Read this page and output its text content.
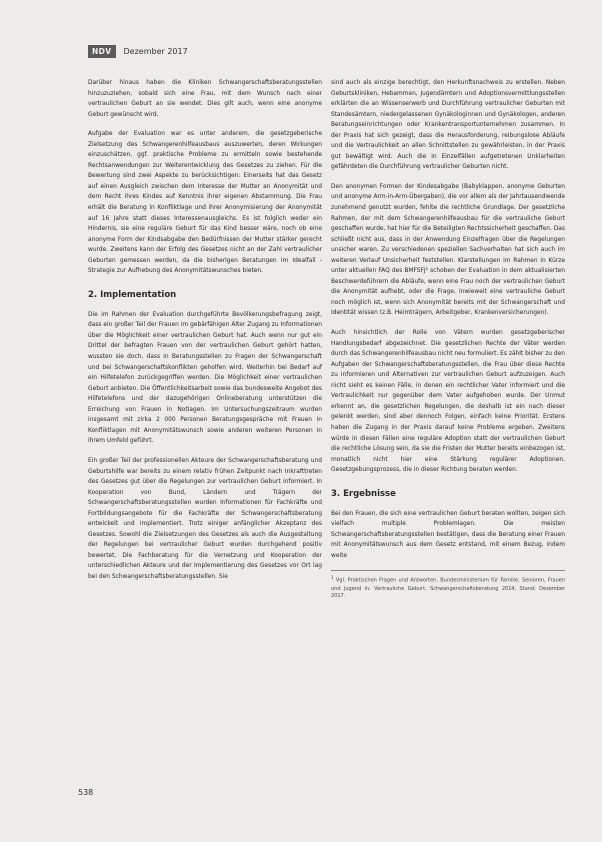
NDV	Dezember 2017

Darüber hinaus haben die Kliniken Schwangerschaftsberatungsstellen hinzuzuziehen, sobald sich eine Frau, mit dem Wunsch nach einer vertraulichen Geburt an sie wendet. Dies gilt auch, wenn eine anonyme Geburt gewünscht wird.

Aufgabe der Evaluation war es unter anderem, die gesetzgeberische Zielsetzung des Schwangerenhilfeausbaus auszuwerten, deren Wirkungen einzuschätzen, ggf. praktische Probleme zu ermitteln sowie bestehende Rechtsanwendungen zur Weiterentwicklung des Gesetzes zu ziehen. Für die Bewertung sind zwei Aspekte zu berücksichtigen: Einerseits hat das Gesetz auf einen Ausgleich zwischen dem Interesse der Mutter an Anonymität und dem Recht ihres Kindes auf Kenntnis ihrer eigenen Abstammung. Die Frau erhält die Beratung in Konfliktlage und ihrer Anonymisierung der Anonymität auf 16 Jahre statt dieses Interessenausgleichs. Es ist folglich weder ein Hindernis, sie eine reguläre Geburt für das Kind besser wäre, noch ob eine anonyme Form der Kindsabgabe den Bedürfnissen der Mutter stärker gerecht wurde. Zweitens kann der Erfolg des Gesetzes nicht an der Zahl vertraulicher Geburten gemessen werden, da die bisherigen Beratungen im Idealfall - Strategie zur Aufhebung des Anonymitätswunsches bieten.

2. Implementation

Die im Rahmen der Evaluation durchgeführte Bevölkerungsbefragung zeigt, dass ein großer Teil der Frauen im gebärfähigen Alter Zugang zu Informationen über die Möglichkeit einer vertraulichen Geburt hat. Auch wenn nur gut ein Drittel der befragten Frauen von der vertraulichen Geburt gehört hatten, wussten sie doch, dass in Beratungsstellen zu Fragen der Schwangerschaft und bei Schwangerschaftskonflikten geholfen wird. Weiterhin bei Bedarf auf ein Hilfetelefon zurückgegriffen werden. Die Möglichkeit einer vertraulichen Geburt anbieten. Die Öffentlichkeitsarbeit sowie das bundesweite Angebot des Hilfetelefons und der dazugehörigen Onlineberatung unterstützen die Erreichung von Frauen in Notlagen. Im Untersuchungszeitraum wurden insgesamt mit zirka 2 000 Personen Beratungsgespräche mit Frauen in Konfliktlagen mit Anonymitätswunsch sowie anderen weiteren Personen in ihrem Umfeld geführt.

Ein großer Teil der professionellen Akteure der Schwangerschaftsberatung und Geburtshilfe war bereits zu einem relativ frühen Zeitpunkt nach Inkrafttreten des Gesetzes gut über die Regelungen zur vertraulichen Geburt informiert. In Kooperation von Bund, Ländern und Trägern der Schwangerschaftsberatungsstellen wurden Informationen für Fachkräfte und Fortbildungsangebote für die Fachkräfte der Schwangerschaftsberatung entwickelt und implementiert. Trotz einiger anfänglicher Akzeptanz des Gesetzes. Sowohl die Zielsetzungen des Gesetzes als auch die Ausgestaltung der Regelungen bei vertraulicher Geburt wurden durchgehend positiv bewertet. Die Fachberatung für die Vernetzung und Kooperation der unterschiedlichen Akteure und der Implementierung des Gesetzes vor Ort lag bei den Schwangerschaftsberatungsstellen. Sie

sind auch als einzige berechtigt, den Herkunftsnachweis zu erstellen. Neben Geburtskliniken, Hebammen, Jugendämtern und Adoptionsvermittlungsstellen erklärten die an Wissenserwerb und Durchführung vertraulicher Geburten mit Standesämtern, niedergelassenen Gynäkologinnen und Gynäkologen, anderen Beratungseinrichtungen oder Krankentransportunternehmen zusammen. In der Praxis hat sich gezeigt, dass die Herausforderung, reibungslose Abläufe und die Vertraulichkeit an allen Schnittstellen zu gewährleisten, in der Praxis gut bewältigt wird. Auch die in Einzelfällen aufgetretenen Unklarheiten gefährdeten die Durchführung vertraulicher Geburten nicht.

Den anonymen Formen der Kindesabgabe (Babyklappen, anonyme Geburten und anonyme Arm-in-Arm-Übergaben), die vor allem als der Jahrtausendwende zunehmend genutzt wurden, fehlte die rechtliche Grundlage. Der gesetzliche Rahmen, der mit dem Schwangerenhilfeausbau für die vertrauliche Geburt geschaffen wurde, hat hier für die Beteiligten Rechtssicherheit geschaffen. Das schließt nicht aus, dass in der Anwendung Einzelfragen über die Regelungen unsicher waren. Zu verschiedenen speziellen Sachverhalten hat sich auch im weiteren Verlauf Unsicherheit feststellen. Klarstellungen im Rahmen in Kürze unter aktuellen FAQ des BMFSFJ¹ schoben der Evaluation in dem aktualisierten Beschwerdeführern die Abläufe, wenn eine Frau noch der vertraulichen Geburt die Anonymität aufhebt, oder die Frage, inwieweit eine vertrauliche Geburt noch möglich ist, wenn sich Anonymität bereits mit der Schwangerschaft und Identität wissen (z.B. Heimträgern, Arbeitgeber, Krankenversicherungen).

Auch hinsichtlich der Rolle von Vätern wurden gesetzgeberischer Handlungsbedarf abgezeichnet. Die gesetzlichen Rechte der Väter werden durch das Schwangerenhilfeausbau nicht neu formuliert. Es zählt bisher zu den Aufgaben der Schwangerschaftsberatungsstellen, die Frau über diese Rechte zu informieren und Alternativen zur vertraulichen Geburt aufzuzeigen. Auch nicht sieht es keinen Fälle, in denen ein rechtlicher Vater informiert und die Vertraulichkeit nur gegenüber dem Vater aufgehoben wurde. Der Unmut erkennt an, die gesetzlichen Regelungen, die deshalb ist ein nach dieser gelenkt werden, sind aber dennoch Folgen, einfach keine Priorität. Erstens haben die Zugang in der Praxis darauf keine Probleme ergeben. Zweitens würde in diesen Fällen eine reguläre Adoption statt der vertraulichen Geburt die rechtliche Lösung sein, da sie die Fristen der Mutter bereits einbezogen ist, monatlich nicht hier eine Stärkung regulärer Adoptionen. Gesetzgebungsprozess, die in dieser Richtung beraten werden.

3. Ergebnisse

Bei den Frauen, die sich eine vertraulichen Geburt beraten wollten, zeigen sich vielfach multiple Problemlagen. Die meisten Schwangerschaftsberatungsstellen bestätigen, dass die Beratung einer Frauen mit Anonymitätswunsch aus dem Gesetz entstand, mit einem Bezug, indem weite

$^1$ Vgl. Praktischen Fragen und Antworten. Bundesministerium für Familie, Senioren, Frauen und Jugend in: Vertrauliche Geburt, Schwangerschaftsberatung 2014, Stand: Dezember 2017.
538
